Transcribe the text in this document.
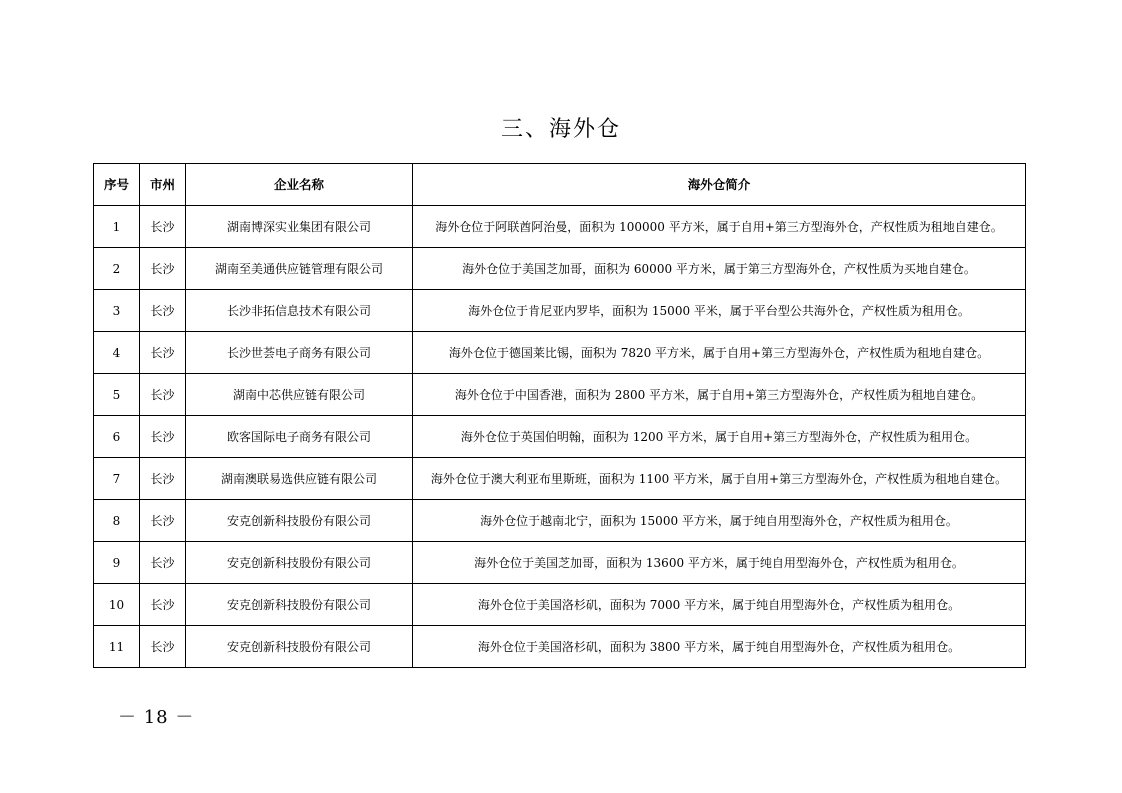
三、海外仓
序号	市州	企业名称	海外仓简介
1	长沙	湖南博深实业集团有限公司	海外仓位于阿联酋阿治曼，面积为 100000 平方米，属于自用+第三方型海外仓，产权性质为租地自建仓。
2	长沙	湖南至美通供应链管理有限公司	海外仓位于美国芝加哥，面积为 60000 平方米，属于第三方型海外仓，产权性质为买地自建仓。
3	长沙	长沙非拓信息技术有限公司	海外仓位于肯尼亚内罗毕，面积为 15000 平米，属于平台型公共海外仓，产权性质为租用仓。
4	长沙	长沙世荟电子商务有限公司	海外仓位于德国莱比锡，面积为 7820 平方米，属于自用+第三方型海外仓，产权性质为租地自建仓。
5	长沙	湖南中芯供应链有限公司	海外仓位于中国香港，面积为 2800 平方米，属于自用+第三方型海外仓，产权性质为租地自建仓。
6	长沙	欧客国际电子商务有限公司	海外仓位于英国伯明翰，面积为 1200 平方米，属于自用+第三方型海外仓，产权性质为租用仓。
7	长沙	湖南澳联易选供应链有限公司	海外仓位于澳大利亚布里斯班，面积为 1100 平方米，属于自用+第三方型海外仓，产权性质为租地自建仓。
8	长沙	安克创新科技股份有限公司	海外仓位于越南北宁，面积为 15000 平方米，属于纯自用型海外仓，产权性质为租用仓。
9	长沙	安克创新科技股份有限公司	海外仓位于美国芝加哥，面积为 13600 平方米，属于纯自用型海外仓，产权性质为租用仓。
10	长沙	安克创新科技股份有限公司	海外仓位于美国洛杉矶，面积为 7000 平方米，属于纯自用型海外仓，产权性质为租用仓。
11	长沙	安克创新科技股份有限公司	海外仓位于美国洛杉矶，面积为 3800 平方米，属于纯自用型海外仓，产权性质为租用仓。
－ 18 －
